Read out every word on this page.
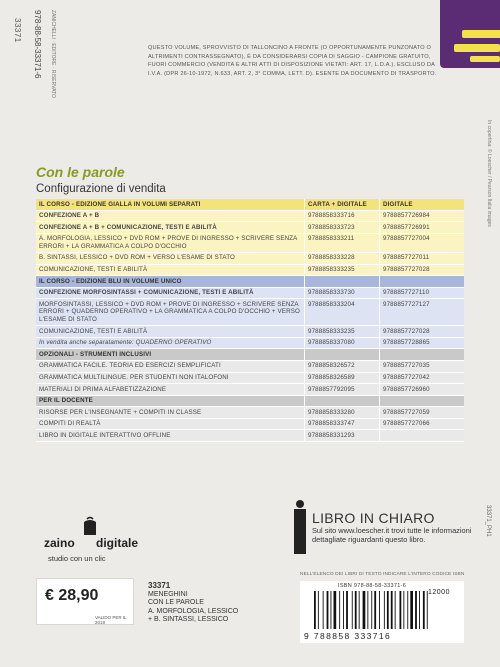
33371 978-88-58-33371-6 ZANICHELLI · EDITORE · RISERVATO	QUESTO VOLUME, SPROVVISTO DI TALLONCINO A FRONTE (O OPPORTUNAMENTE PUNZONATO O ALTRIMENTI CONTRASSEGNATO), È DA CONSIDERARSI COPIA DI SAGGIO - CAMPIONE GRATUITO, FUORI COMMERCIO (VENDITA E ALTRI ATTI DI DISPOSIZIONE VIETATI: ART. 17, L.D.A.). ESCLUSO DA I.V.A. (DPR 26-10-1972, N.633, ART. 2, 3° COMMA, LETT. D). ESENTE DA DOCUMENTO DI TRASPORTO.
In copertina: © Loescher / Pearson Italia images
Con le parole
Configurazione di vendita
IL CORSO - EDIZIONE GIALLA IN VOLUMI SEPARATI	CARTA + DIGITALE	DIGITALE
CONFEZIONE A + B	9788858333716	9788857726984
CONFEZIONE A + B + COMUNICAZIONE, TESTI E ABILITÀ	9788858333723	9788857726991
A. MORFOLOGIA, LESSICO + DVD ROM + PROVE DI INGRESSO + SCRIVERE SENZA ERRORI + LA GRAMMATICA A COLPO D'OCCHIO	9788858333211	9788857727004
B. SINTASSI, LESSICO + DVD ROM + VERSO L'ESAME DI STATO	9788858333228	9788857727011
COMUNICAZIONE, TESTI E ABILITÀ	9788858333235	9788857727028
IL CORSO - EDIZIONE BLU IN VOLUME UNICO		
CONFEZIONE MORFOSINTASSI + COMUNICAZIONE, TESTI E ABILITÀ	9788858333730	9788857727110
MORFOSINTASSI, LESSICO + DVD ROM + PROVE DI INGRESSO + SCRIVERE SENZA ERRORI + QUADERNO OPERATIVO + LA GRAMMATICA A COLPO D'OCCHIO + VERSO L'ESAME DI STATO	9788858333204	9788857727127
COMUNICAZIONE, TESTI E ABILITÀ	9788858333235	9788857727028
In vendita anche separatamente: QUADERNO OPERATIVO	9788858337080	9788857728865
OPZIONALI - STRUMENTI INCLUSIVI		
GRAMMATICA FACILE. TEORIA ED ESERCIZI SEMPLIFICATI	9788858326572	9788857727035
GRAMMATICA MULTILINGUE. PER STUDENTI NON ITALOFONI	9788858326589	9788857727042
MATERIALI DI PRIMA ALFABETIZZAZIONE	9788857792095	9788857726960
PER IL DOCENTE		
RISORSE PER L'INSEGNANTE + COMPITI IN CLASSE	9788858333280	9788857727059
COMPITI DI REALTÀ	9788858333747	9788857727066
LIBRO IN DIGITALE INTERATTIVO OFFLINE	9788858331293	
33371_PH1
zaino digitale
studio con un clic
LIBRO IN CHIARO
Sul sito www.loescher.it trovi tutte le informazioni dettagliate riguardanti questo libro.
NELL'ELENCO DEI LIBRI DI TESTO INDICARE L'INTERO CODICE ISBN
€ 28,90
VALIDO PER IL 2019
33371
MENEGHINI
CON LE PAROLE
A. MORFOLOGIA, LESSICO
+ B. SINTASSI, LESSICO
ISBN 978-88-58-33371-6
12000
9 788858 333716
